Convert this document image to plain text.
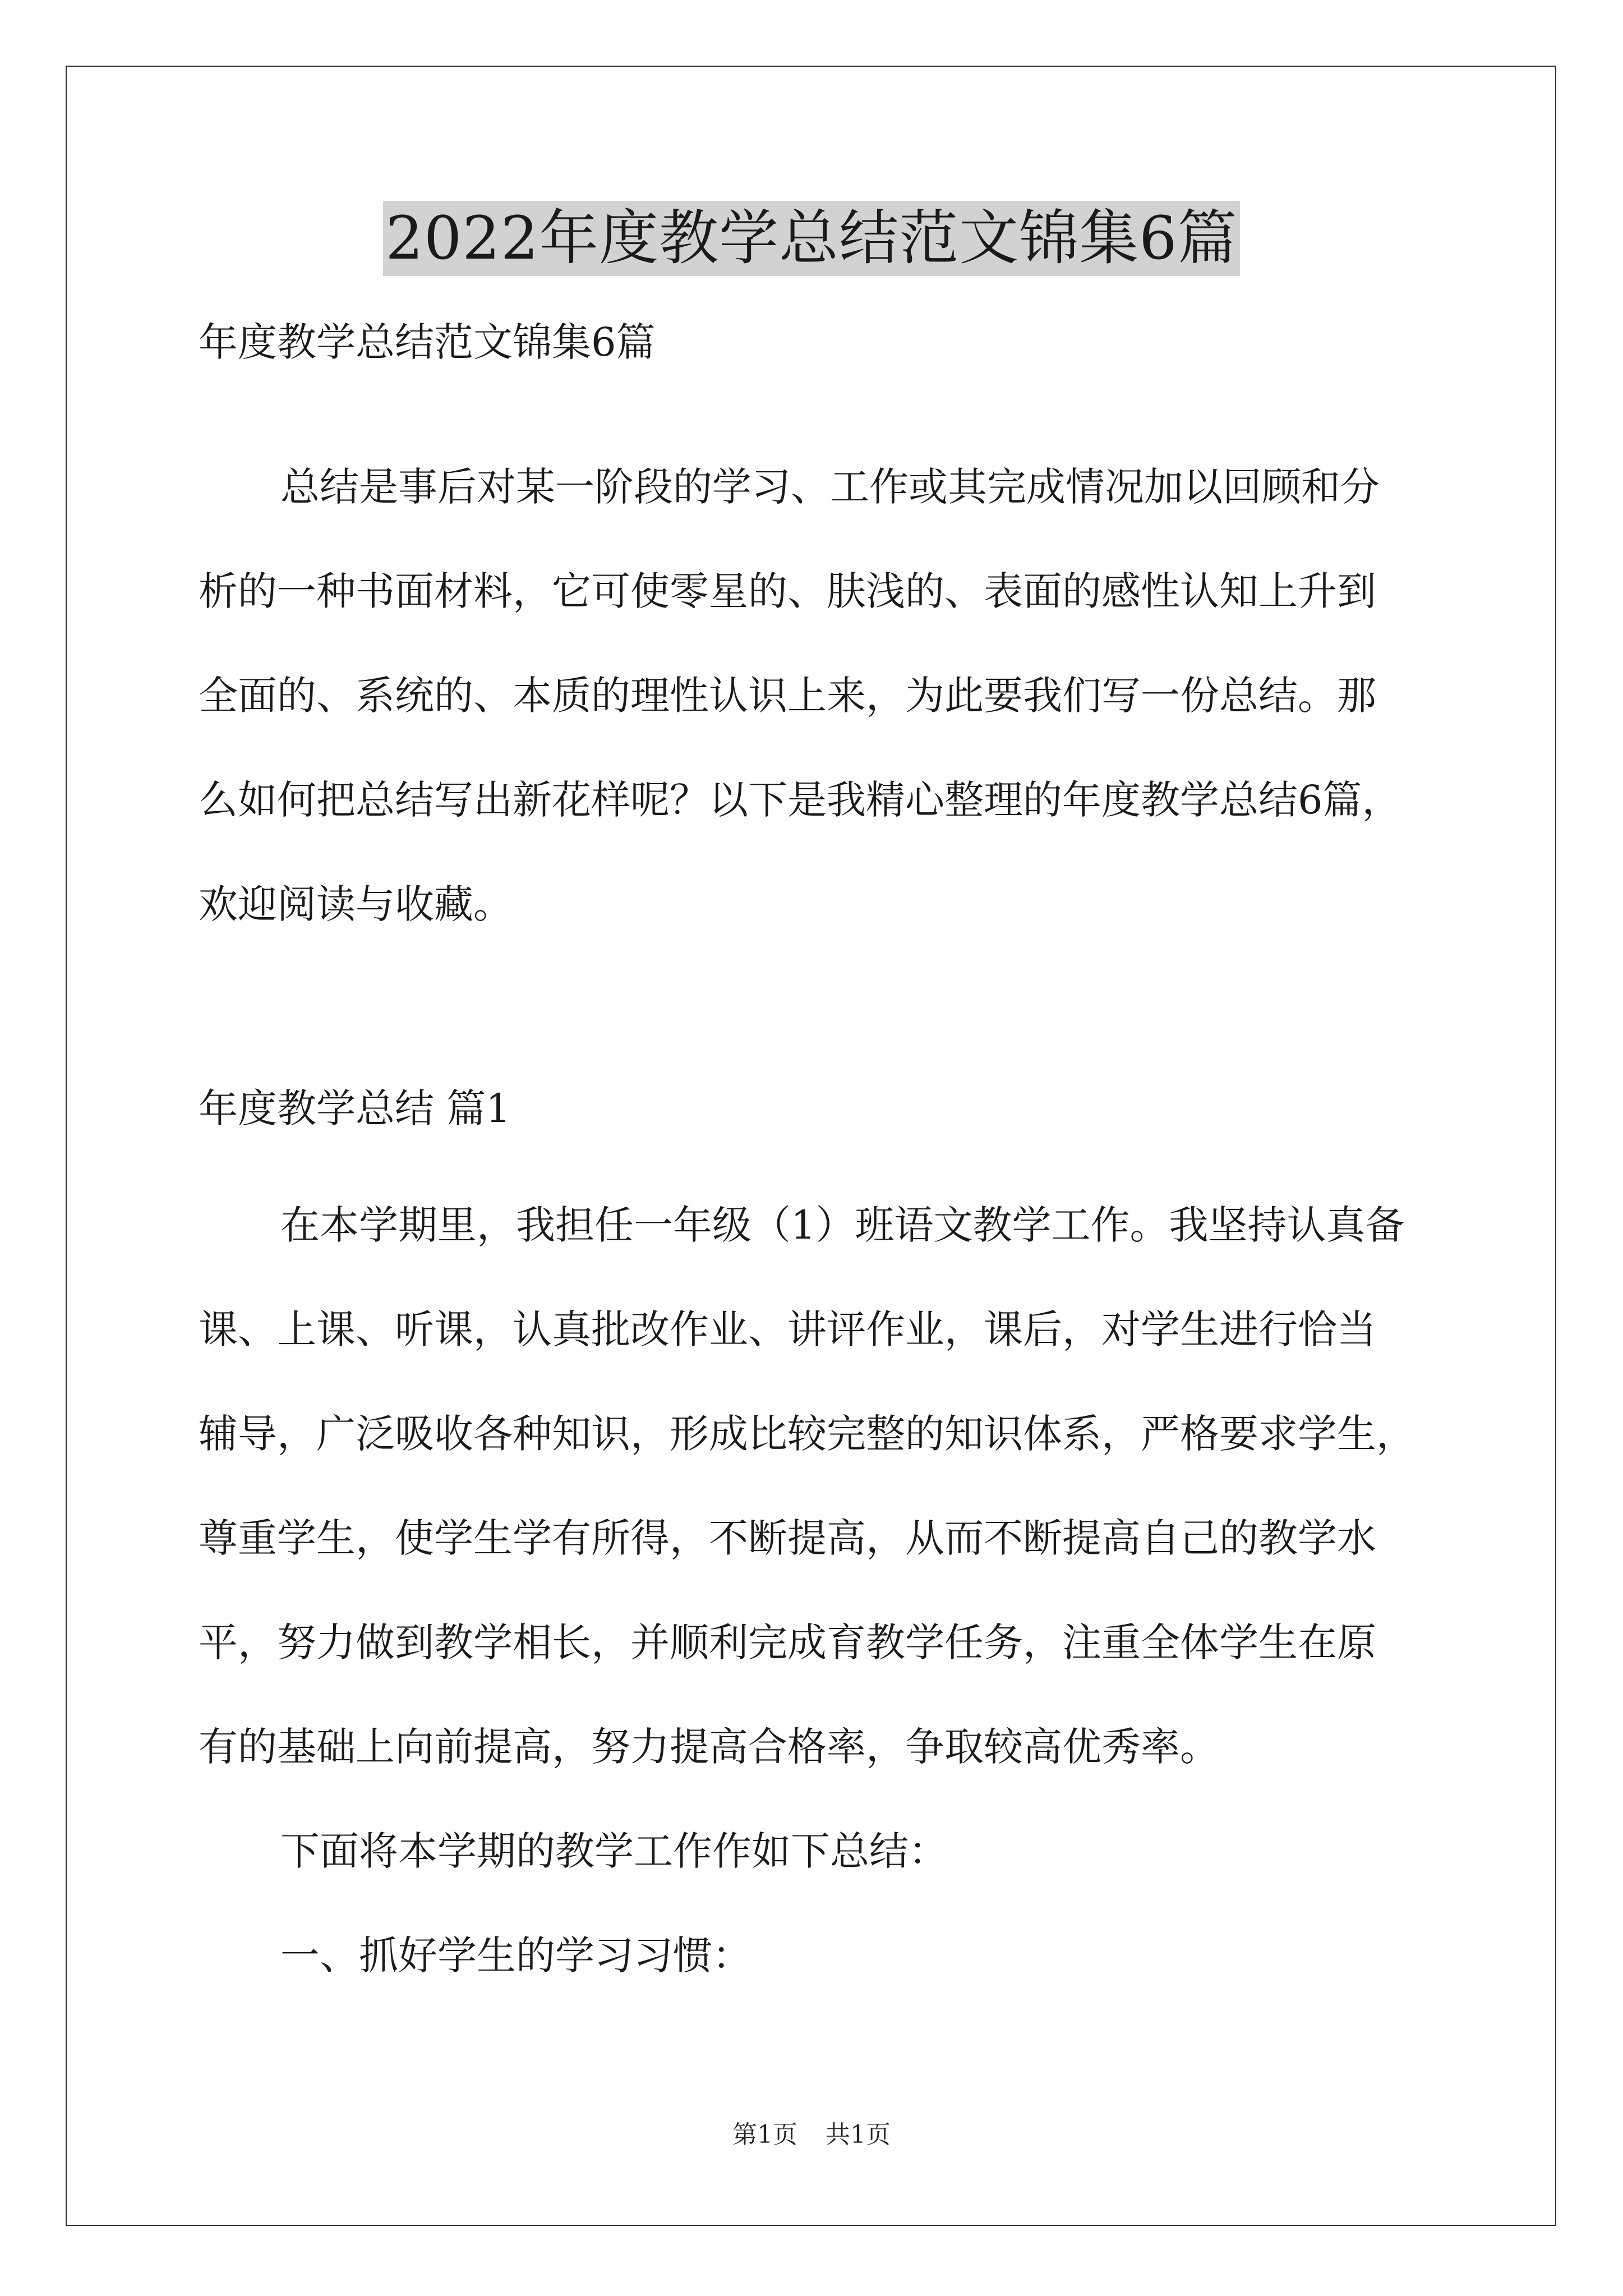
2022年度教学总结范文锦集6篇

年度教学总结范文锦集6篇

总结是事后对某一阶段的学习、工作或其完成情况加以回顾和分

析的一种书面材料，它可使零星的、肤浅的、表面的感性认知上升到

全面的、系统的、本质的理性认识上来，为此要我们写一份总结。那

么如何把总结写出新花样呢？以下是我精心整理的年度教学总结6篇，

欢迎阅读与收藏。

年度教学总结 篇1

在本学期里，我担任一年级（1）班语文教学工作。我坚持认真备

课、上课、听课，认真批改作业、讲评作业，课后，对学生进行恰当

辅导，广泛吸收各种知识，形成比较完整的知识体系，严格要求学生，

尊重学生，使学生学有所得，不断提高，从而不断提高自己的教学水

平，努力做到教学相长，并顺利完成育教学任务，注重全体学生在原

有的基础上向前提高，努力提高合格率，争取较高优秀率。

下面将本学期的教学工作作如下总结：

一、抓好学生的学习习惯：

第1页 共1页
